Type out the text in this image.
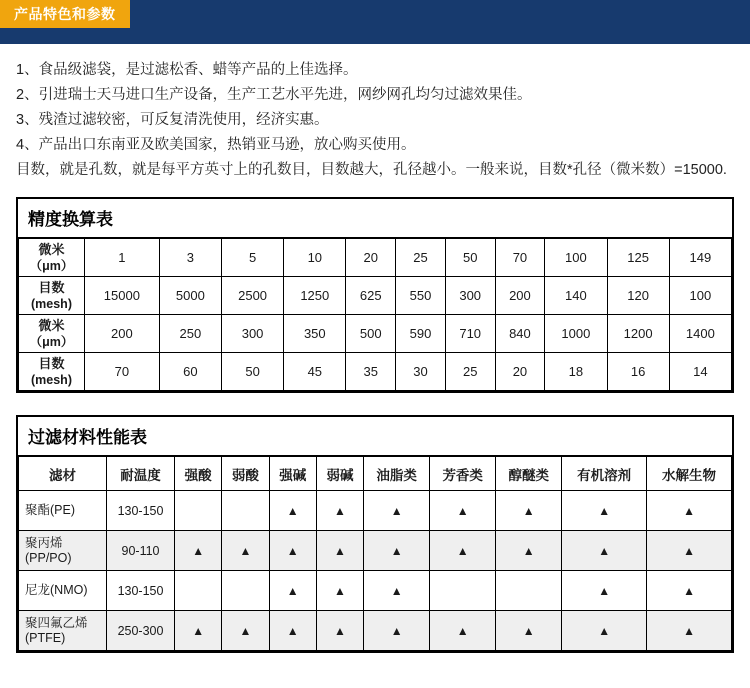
产品特色和参数
1、食品级滤袋，是过滤松香、蜡等产品的上佳选择。
2、引进瑞士天马进口生产设备，生产工艺水平先进，网纱网孔均匀过滤效果佳。
3、残渣过滤较密，可反复清洗使用，经济实惠。
4、产品出口东南亚及欧美国家，热销亚马逊，放心购买使用。
目数，就是孔数，就是每平方英寸上的孔数目，目数越大，孔径越小。一般来说，目数*孔径（微米数）=15000.
精度换算表
微米
（μm）	1	3	5	10	20	25	50	70	100	125	149
目数
(mesh)	15000	5000	2500	1250	625	550	300	200	140	120	100
微米
（μm）	200	250	300	350	500	590	710	840	1000	1200	1400
目数
(mesh)	70	60	50	45	35	30	25	20	18	16	14
过滤材料性能表
滤材	耐温度	强酸	弱酸	强碱	弱碱	油脂类	芳香类	醇醚类	有机溶剂	水解生物
聚酯(PE)	130-150			▲	▲	▲	▲	▲	▲	▲
聚丙烯
(PP/PO)	90-110	▲	▲	▲	▲	▲	▲	▲	▲	▲
尼龙(NMO)	130-150			▲	▲	▲			▲	▲
聚四氟乙烯
(PTFE)	250-300	▲	▲	▲	▲	▲	▲	▲	▲	▲
